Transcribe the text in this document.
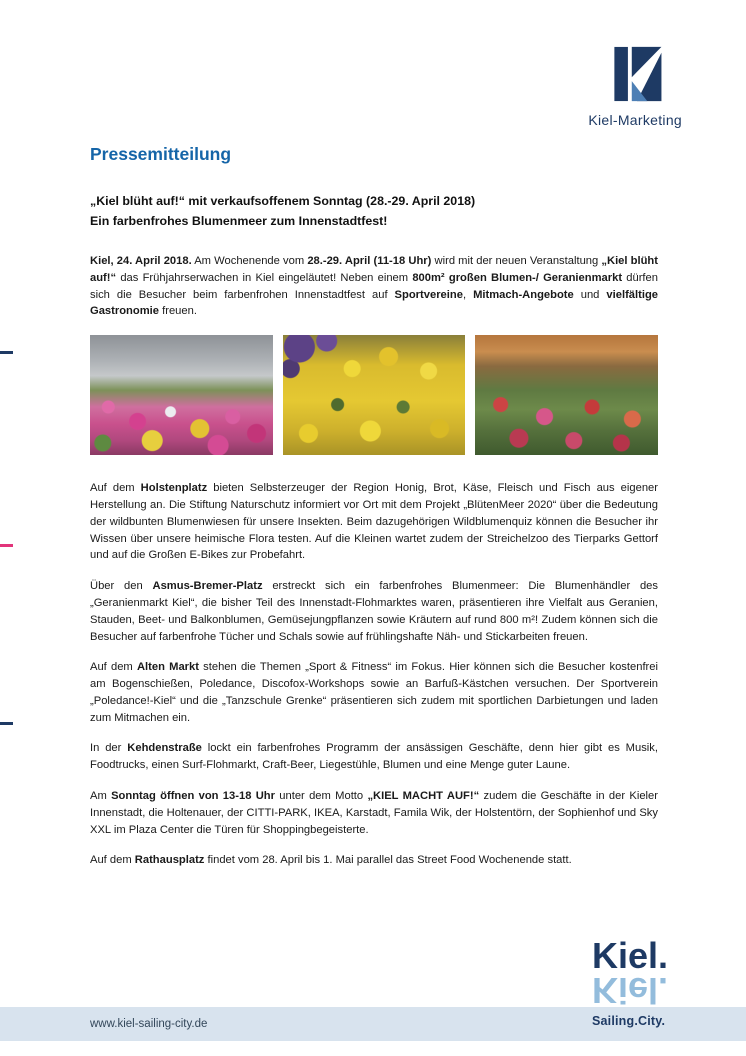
Kiel-Marketing
Pressemitteilung
„Kiel blüht auf!“ mit verkaufsoffenem Sonntag (28.-29. April 2018)
Ein farbenfrohes Blumenmeer zum Innenstadtfest!

Kiel, 24. April 2018. Am Wochenende vom 28.-29. April (11-18 Uhr) wird mit der neuen Veranstaltung „Kiel blüht auf!“ das Frühjahrserwachen in Kiel eingeläutet! Neben einem 800m² großen Blumen-/ Geranienmarkt dürfen sich die Besucher beim farbenfrohen Innenstadtfest auf Sportvereine, Mitmach-Angebote und vielfältige Gastronomie freuen.

Auf dem Holstenplatz bieten Selbsterzeuger der Region Honig, Brot, Käse, Fleisch und Fisch aus eigener Herstellung an. Die Stiftung Naturschutz informiert vor Ort mit dem Projekt „BlütenMeer 2020“ über die Bedeutung der wildbunten Blumenwiesen für unsere Insekten. Beim dazugehörigen Wildblumenquiz können die Besucher ihr Wissen über unsere heimische Flora testen. Auf die Kleinen wartet zudem der Streichelzoo des Tierparks Gettorf und auf die Großen E-Bikes zur Probefahrt.

Über den Asmus-Bremer-Platz erstreckt sich ein farbenfrohes Blumenmeer: Die Blumenhändler des „Geranienmarkt Kiel“, die bisher Teil des Innenstadt-Flohmarktes waren, präsentieren ihre Vielfalt aus Geranien, Stauden, Beet- und Balkonblumen, Gemüsejungpflanzen sowie Kräutern auf rund 800 m²! Zudem können sich die Besucher auf farbenfrohe Tücher und Schals sowie auf frühlingshafte Näh- und Stickarbeiten freuen.

Auf dem Alten Markt stehen die Themen „Sport & Fitness“ im Fokus. Hier können sich die Besucher kostenfrei am Bogenschießen, Poledance, Discofox-Workshops sowie an Barfuß-Kästchen versuchen. Der Sportverein „Poledance!-Kiel“ und die „Tanzschule Grenke“ präsentieren sich zudem mit sportlichen Darbietungen und laden zum Mitmachen ein.

In der Kehdenstraße lockt ein farbenfrohes Programm der ansässigen Geschäfte, denn hier gibt es Musik, Foodtrucks, einen Surf-Flohmarkt, Craft-Beer, Liegestühle, Blumen und eine Menge guter Laune.

Am Sonntag öffnen von 13-18 Uhr unter dem Motto „KIEL MACHT AUF!“ zudem die Geschäfte in der Kieler Innenstadt, die Holtenauer, der CITTI-PARK, IKEA, Karstadt, Famila Wik, der Holstentörn, der Sophienhof und Sky XXL im Plaza Center die Türen für Shoppingbegeisterte.

Auf dem Rathausplatz findet vom 28. April bis 1. Mai parallel das Street Food Wochenende statt.

www.kiel-sailing-city.de
Kiel.
Kiel.
Sailing.City.
